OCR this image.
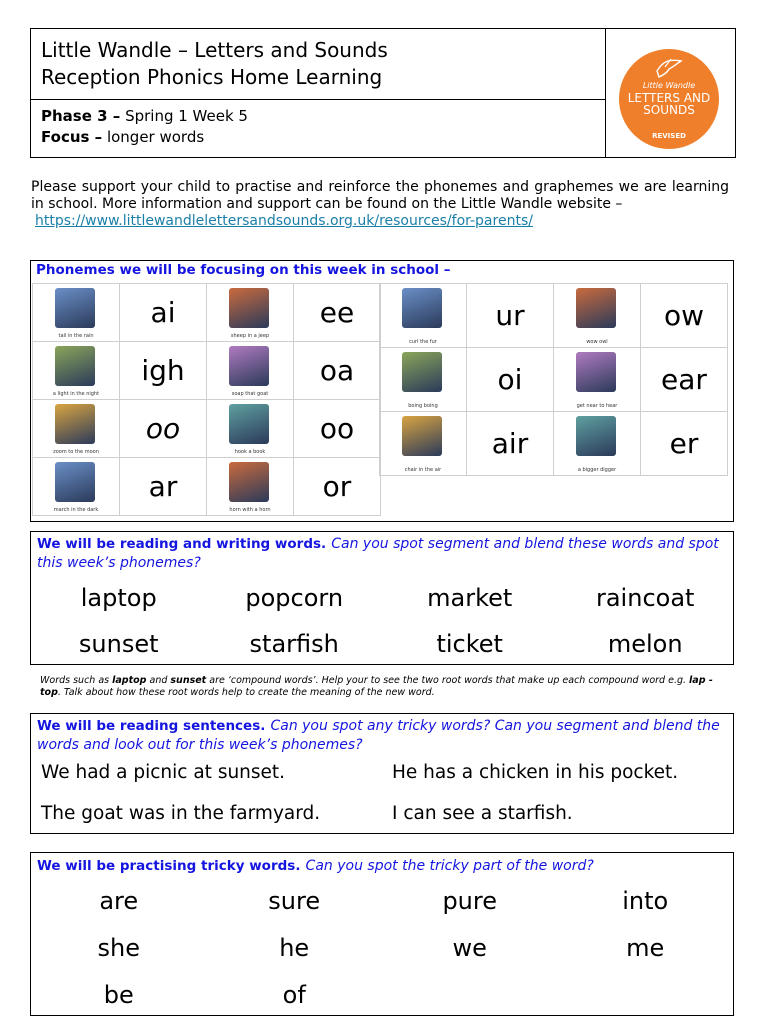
Little Wandle – Letters and Sounds
Reception Phonics Home Learning
Phase 3 – Spring 1 Week 5
Focus – longer words
Little Wandle
LETTERS AND
SOUNDS
REVISED
Please support your child to practise and reinforce the phonemes and graphemes we are learning in school. More information and support can be found on the Little Wandle website –
https://www.littlewandlelettersandsounds.org.uk/resources/for-parents/
Phonemes we will be focusing on this week in school –
tail in the rain	ai	sheep in a jeep	ee

a light in the night	igh	soap that goat	oa

zoom to the moon	oo	hook a book	oo

march in the dark	ar	horn with a horn	or
curl the fur	ur	wow owl	ow

boing boing	oi	get near to hear	ear

chair in the air	air	a bigger digger	er
We will be reading and writing words. Can you spot segment and blend these words and spot this week’s phonemes?
laptop	popcorn	market	raincoat
sunset	starfish	ticket	melon
Words such as laptop and sunset are ‘compound words’. Help your to see the two root words that make up each compound word e.g. lap - top. Talk about how these root words help to create the meaning of the new word.
We will be reading sentences. Can you spot any tricky words? Can you segment and blend the words and look out for this week’s phonemes?
We had a picnic at sunset.	He has a chicken in his pocket.
The goat was in the farmyard.	I can see a starfish.
We will be practising tricky words. Can you spot the tricky part of the word?
are	sure	pure	into
she	he	we	me
be	of		
